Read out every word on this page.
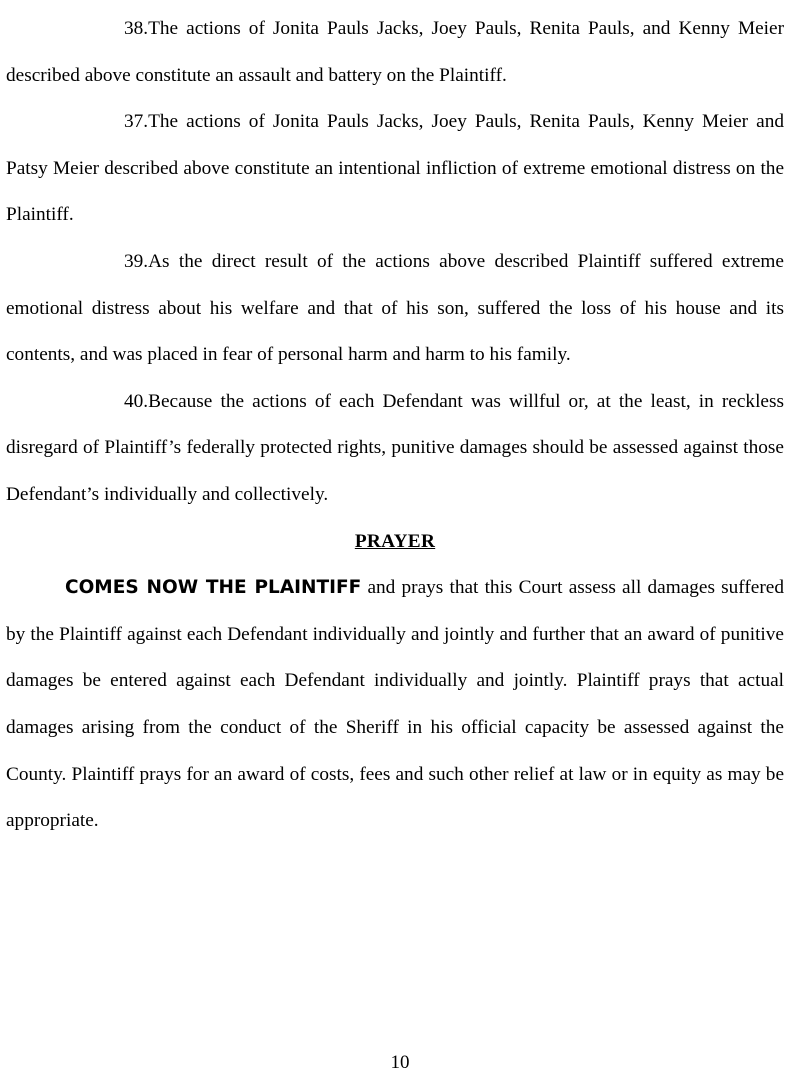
38.The actions of Jonita Pauls Jacks, Joey Pauls, Renita Pauls, and Kenny Meier described above constitute an assault and battery on the Plaintiff.

37.The actions of Jonita Pauls Jacks, Joey Pauls, Renita Pauls, Kenny Meier and Patsy Meier described above constitute an intentional infliction of extreme emotional distress on the Plaintiff.

39.As the direct result of the actions above described Plaintiff suffered extreme emotional distress about his welfare and that of his son, suffered the loss of his house and its contents, and was placed in fear of personal harm and harm to his family.

40.Because the actions of each Defendant was willful or, at the least, in reckless disregard of Plaintiff’s federally protected rights, punitive damages should be assessed against those Defendant’s individually and collectively.

PRAYER

COMES NOW THE PLAINTIFF and prays that this Court assess all damages suffered by the Plaintiff against each Defendant individually and jointly and further that an award of punitive damages be entered against each Defendant individually and jointly. Plaintiff prays that actual damages arising from the conduct of the Sheriff in his official capacity be assessed against the County. Plaintiff prays for an award of costs, fees and such other relief at law or in equity as may be appropriate.

10
